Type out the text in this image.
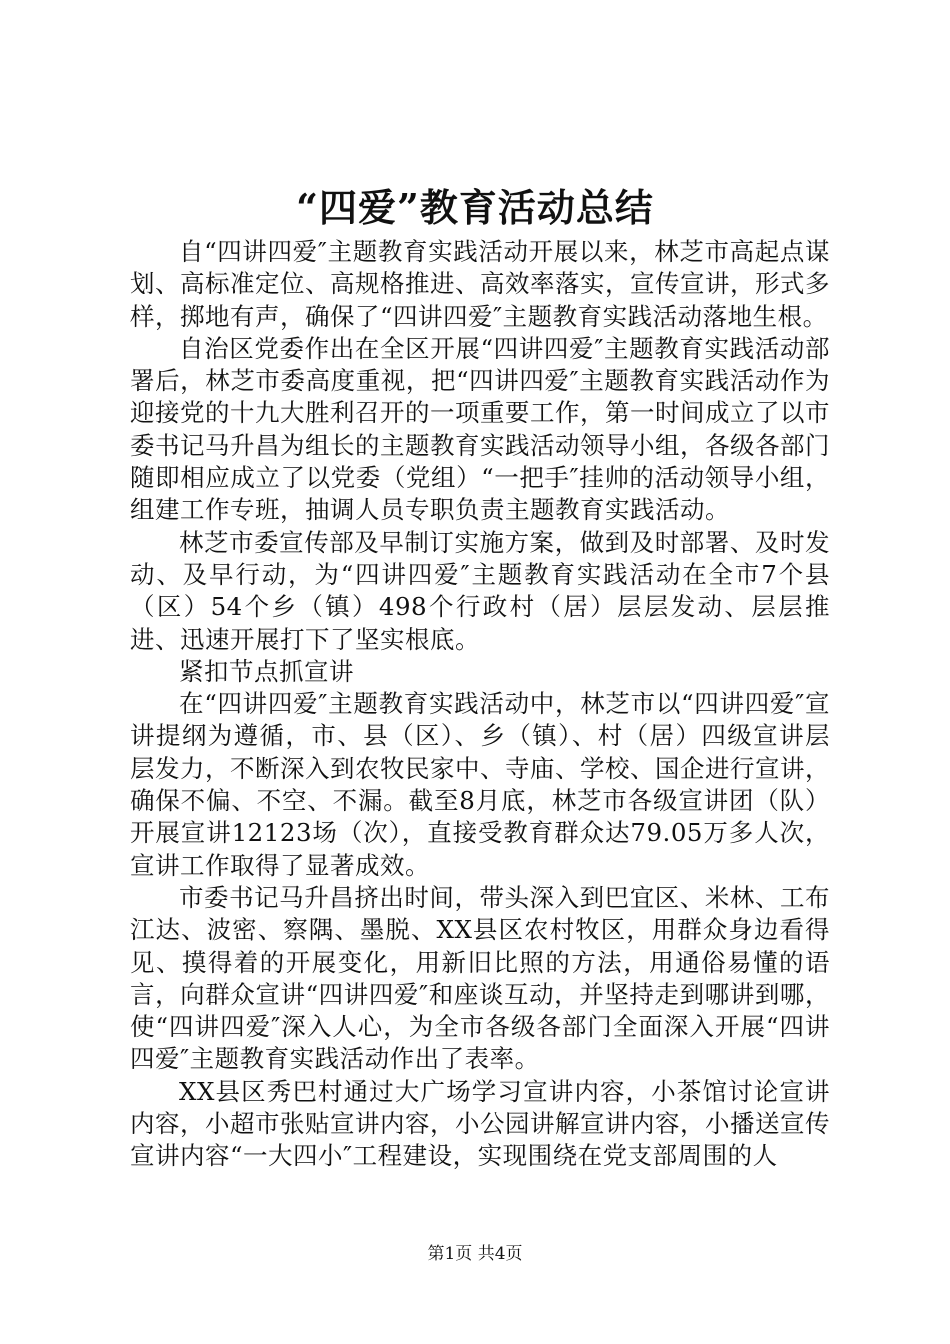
“四爱”教育活动总结

自“四讲四爱″主题教育实践活动开展以来，林芝市高起点谋划、高标准定位、高规格推进、高效率落实，宣传宣讲，形式多样，掷地有声，确保了“四讲四爱″主题教育实践活动落地生根。

自治区党委作出在全区开展“四讲四爱″主题教育实践活动部署后，林芝市委高度重视，把“四讲四爱″主题教育实践活动作为迎接党的十九大胜利召开的一项重要工作，第一时间成立了以市委书记马升昌为组长的主题教育实践活动领导小组，各级各部门随即相应成立了以党委（党组）“一把手″挂帅的活动领导小组，组建工作专班，抽调人员专职负责主题教育实践活动。

林芝市委宣传部及早制订实施方案，做到及时部署、及时发动、及早行动，为“四讲四爱″主题教育实践活动在全市7个县（区）54个乡（镇）498个行政村（居）层层发动、层层推进、迅速开展打下了坚实根底。

紧扣节点抓宣讲

在“四讲四爱″主题教育实践活动中，林芝市以“四讲四爱″宣讲提纲为遵循，市、县（区）、乡（镇）、村（居）四级宣讲层层发力，不断深入到农牧民家中、寺庙、学校、国企进行宣讲，确保不偏、不空、不漏。截至8月底，林芝市各级宣讲团（队）开展宣讲12123场（次），直接受教育群众达79.05万多人次，宣讲工作取得了显著成效。

市委书记马升昌挤出时间，带头深入到巴宜区、米林、工布江达、波密、察隅、墨脱、XX县区农村牧区，用群众身边看得见、摸得着的开展变化，用新旧比照的方法，用通俗易懂的语言，向群众宣讲“四讲四爱″和座谈互动，并坚持走到哪讲到哪，使“四讲四爱″深入人心，为全市各级各部门全面深入开展“四讲四爱″主题教育实践活动作出了表率。

XX县区秀巴村通过大广场学习宣讲内容，小茶馆讨论宣讲内容，小超市张贴宣讲内容，小公园讲解宣讲内容，小播送宣传宣讲内容“一大四小″工程建设，实现围绕在党支部周围的人

第1页 共4页
